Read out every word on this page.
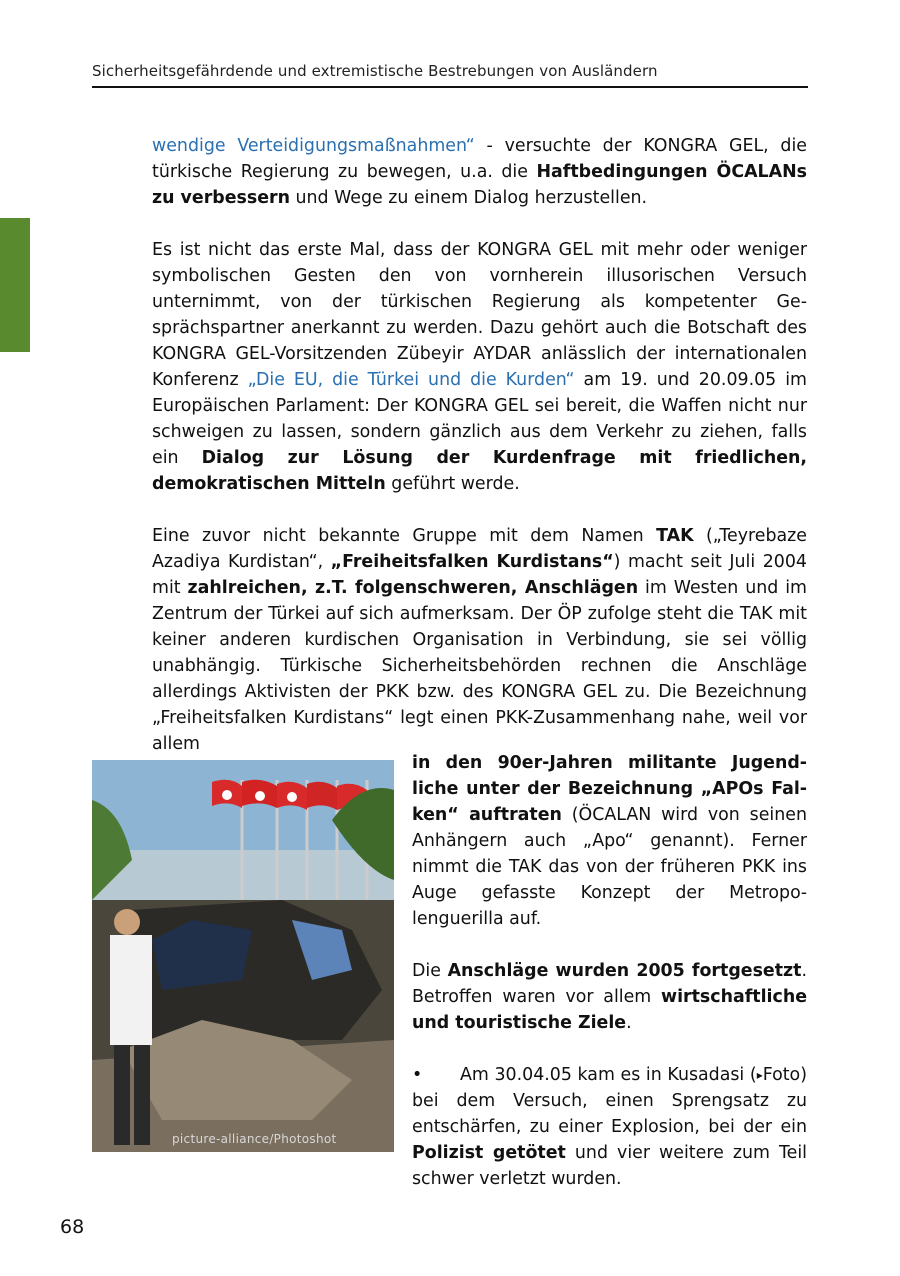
Sicherheitsgefährdende und extremistische Bestrebungen von Ausländern

wendige Verteidigungsmaßnahmen“ - versuchte der KONGRA GEL, die türkische Regierung zu bewegen, u.a. die Haftbedingungen ÖCALANs zu verbessern und Wege zu einem Dialog herzustellen.

Es ist nicht das erste Mal, dass der KONGRA GEL mit mehr oder weniger symbolischen Gesten den von vornherein illusorischen Versuch unternimmt, von der türkischen Regierung als kompetenter Gesprächspartner anerkannt zu werden. Dazu gehört auch die Botschaft des KONGRA GEL-Vorsitzenden Zübeyir AYDAR anlässlich der internationalen Konferenz „Die EU, die Türkei und die Kurden“ am 19. und 20.09.05 im Europäischen Parlament: Der KONGRA GEL sei bereit, die Waffen nicht nur schweigen zu lassen, sondern gänzlich aus dem Verkehr zu ziehen, falls ein Dialog zur Lösung der Kurdenfrage mit friedlichen, demokratischen Mitteln geführt werde.

Eine zuvor nicht bekannte Gruppe mit dem Namen TAK („Teyrebaze Azadiya Kurdistan“, „Freiheitsfalken Kurdistans“) macht seit Juli 2004 mit zahlreichen, z.T. folgenschweren, Anschlägen im Westen und im Zentrum der Türkei auf sich aufmerksam. Der ÖP zufolge steht die TAK mit keiner anderen kurdischen Organisation in Verbindung, sie sei völlig unabhängig. Türkische Sicherheitsbehörden rechnen die Anschläge allerdings Aktivisten der PKK bzw. des KONGRA GEL zu. Die Bezeichnung „Freiheitsfalken Kurdistans“ legt einen PKK-Zusammenhang nahe, weil vor allem

picture-alliance/Photoshot

in den 90er-Jahren militante Jugendliche unter der Bezeichnung „APOs Falken“ auftraten (ÖCALAN wird von seinen Anhängern auch „Apo“ genannt). Ferner nimmt die TAK das von der früheren PKK ins Auge gefasste Konzept der Metropolenguerilla auf.

Die Anschläge wurden 2005 fortgesetzt. Betroffen waren vor allem wirtschaftliche und touristische Ziele.

• Am 30.04.05 kam es in Kusadasi (▸Foto) bei dem Versuch, einen Sprengsatz zu entschärfen, zu einer Explosion, bei der ein Polizist getötet und vier weitere zum Teil schwer verletzt wurden.

68
